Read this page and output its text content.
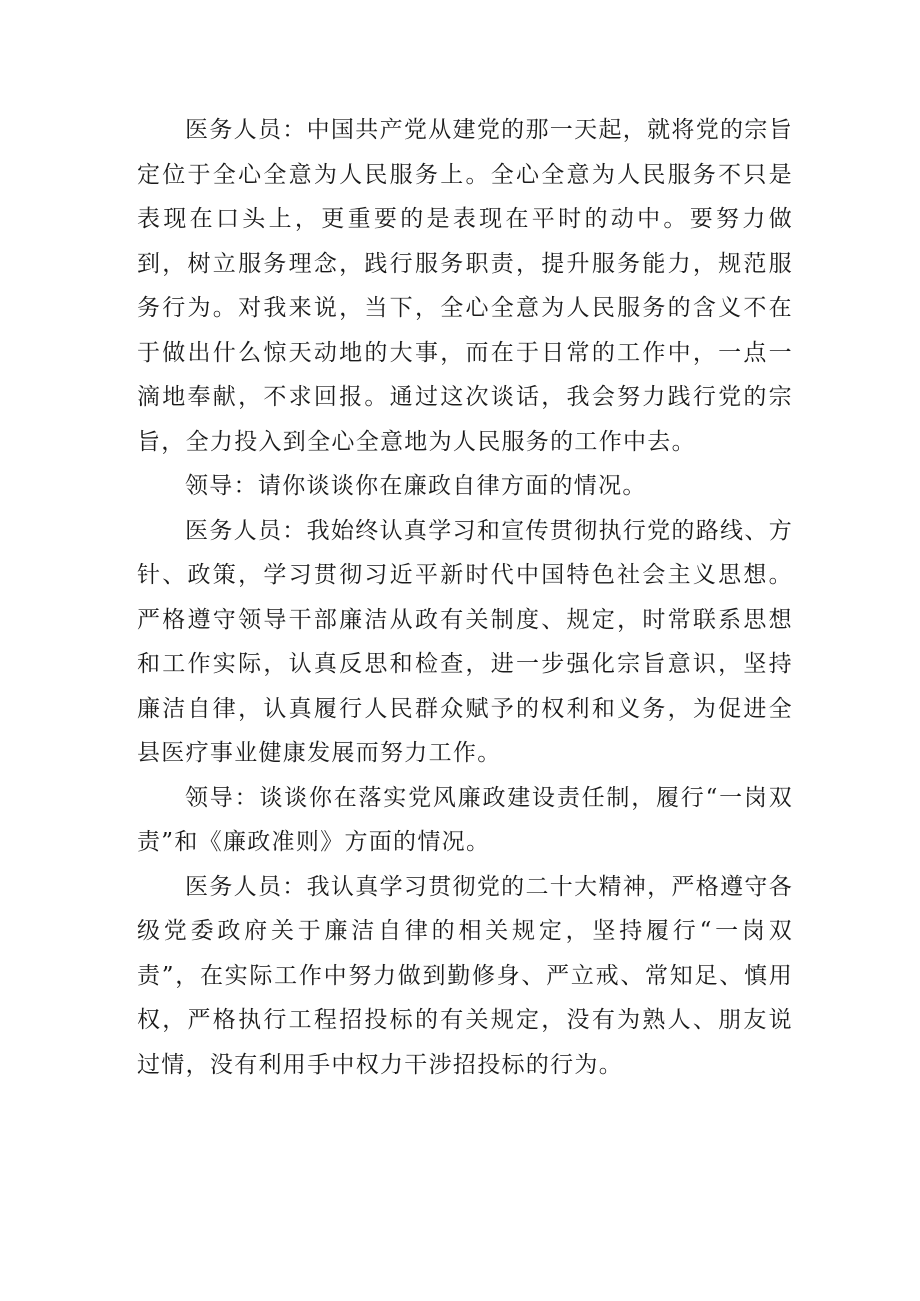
医务人员：中国共产党从建党的那一天起，就将党的宗旨定位于全心全意为人民服务上。全心全意为人民服务不只是表现在口头上，更重要的是表现在平时的动中。要努力做到，树立服务理念，践行服务职责，提升服务能力，规范服务行为。对我来说，当下，全心全意为人民服务的含义不在于做出什么惊天动地的大事，而在于日常的工作中，一点一滴地奉献，不求回报。通过这次谈话，我会努力践行党的宗旨，全力投入到全心全意地为人民服务的工作中去。

领导：请你谈谈你在廉政自律方面的情况。

医务人员：我始终认真学习和宣传贯彻执行党的路线、方针、政策，学习贯彻习近平新时代中国特色社会主义思想。严格遵守领导干部廉洁从政有关制度、规定，时常联系思想和工作实际，认真反思和检查，进一步强化宗旨意识，坚持廉洁自律，认真履行人民群众赋予的权利和义务，为促进全县医疗事业健康发展而努力工作。

领导：谈谈你在落实党风廉政建设责任制，履行“一岗双责”和《廉政准则》方面的情况。

医务人员：我认真学习贯彻党的二十大精神，严格遵守各级党委政府关于廉洁自律的相关规定，坚持履行“一岗双责”，在实际工作中努力做到勤修身、严立戒、常知足、慎用权，严格执行工程招投标的有关规定，没有为熟人、朋友说过情，没有利用手中权力干涉招投标的行为。
